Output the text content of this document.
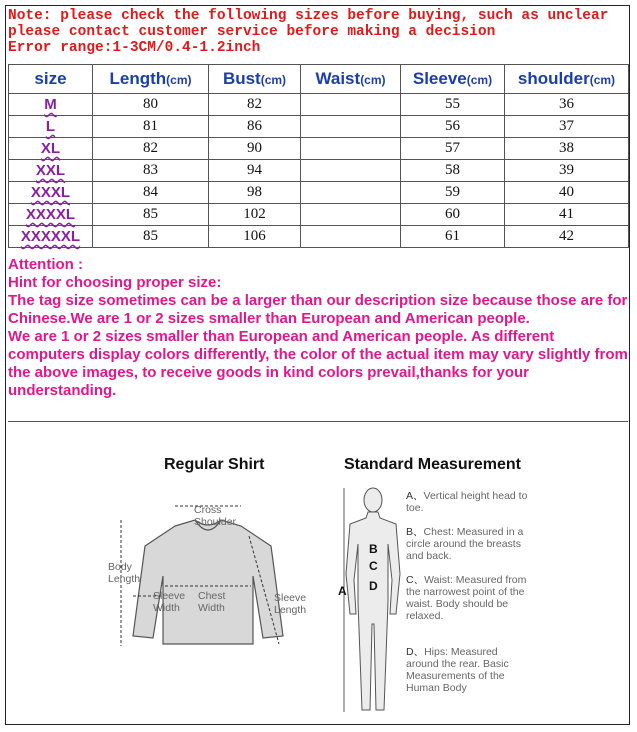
Note: please check the following sizes before buying, such as unclear
please contact customer service before making a decision
Error range:1-3CM/0.4-1.2inch
size	Length(cm)	Bust(cm)	Waist(cm)	Sleeve(cm)	shoulder(cm)
M	80	82		55	36
L	81	86		56	37
XL	82	90		57	38
XXL	83	94		58	39
XXXL	84	98		59	40
XXXXL	85	102		60	41
XXXXXL	85	106		61	42

Attention :

Hint for choosing proper size:

The tag size sometimes can be a larger than our description size because those are for Chinese.We are 1 or 2 sizes smaller than European and American people.

We are 1 or 2 sizes smaller than European and American people. As different computers display colors differently, the color of the actual item may vary slightly from the above images, to receive goods in kind colors prevail,thanks for your understanding.

Regular Shirt	Standard Measurement
Cross
Shoulder
Body
Length
Sleeve
Width
Chest
Width
Sleeve
Length
A
B
C
D
A、Vertical height head to toe.
B、Chest: Measured in a circle around the breasts and back.
C、Waist: Measured from the narrowest point of the waist. Body should be relaxed.
D、Hips: Measured around the rear. Basic Measurements of the Human Body
